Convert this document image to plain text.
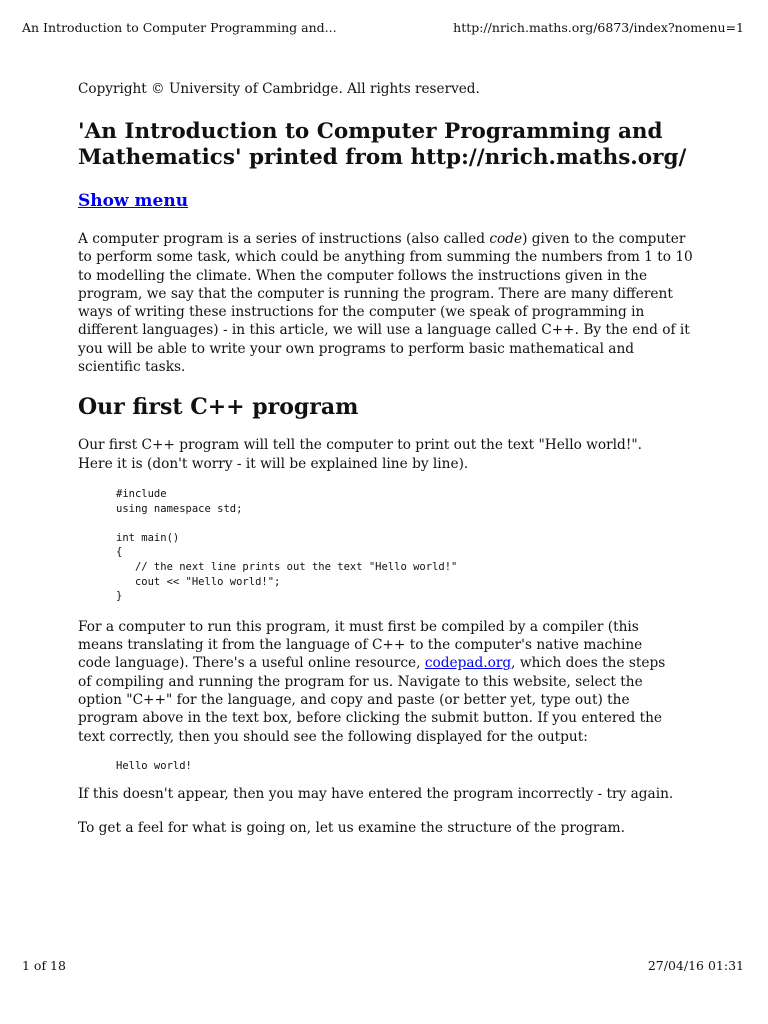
An Introduction to Computer Programming and...	http://nrich.maths.org/6873/index?nomenu=1

Copyright © University of Cambridge. All rights reserved.

'An Introduction to Computer Programming and Mathematics' printed from http://nrich.maths.org/
Show menu

A computer program is a series of instructions (also called code) given to the computer to perform some task, which could be anything from summing the numbers from 1 to 10 to modelling the climate. When the computer follows the instructions given in the program, we say that the computer is running the program. There are many different ways of writing these instructions for the computer (we speak of programming in different languages) - in this article, we will use a language called C++. By the end of it you will be able to write your own programs to perform basic mathematical and scientific tasks.

Our first C++ program

Our first C++ program will tell the computer to print out the text "Hello world!". Here it is (don't worry - it will be explained line by line).

#include
using namespace std;

int main()
{
// the next line prints out the text "Hello world!"
cout << "Hello world!";
}

For a computer to run this program, it must first be compiled by a compiler (this means translating it from the language of C++ to the computer's native machine code language). There's a useful online resource, codepad.org, which does the steps of compiling and running the program for us. Navigate to this website, select the option "C++" for the language, and copy and paste (or better yet, type out) the program above in the text box, before clicking the submit button. If you entered the text correctly, then you should see the following displayed for the output:

Hello world!

If this doesn't appear, then you may have entered the program incorrectly - try again.

To get a feel for what is going on, let us examine the structure of the program.

1 of 18	27/04/16 01:31
